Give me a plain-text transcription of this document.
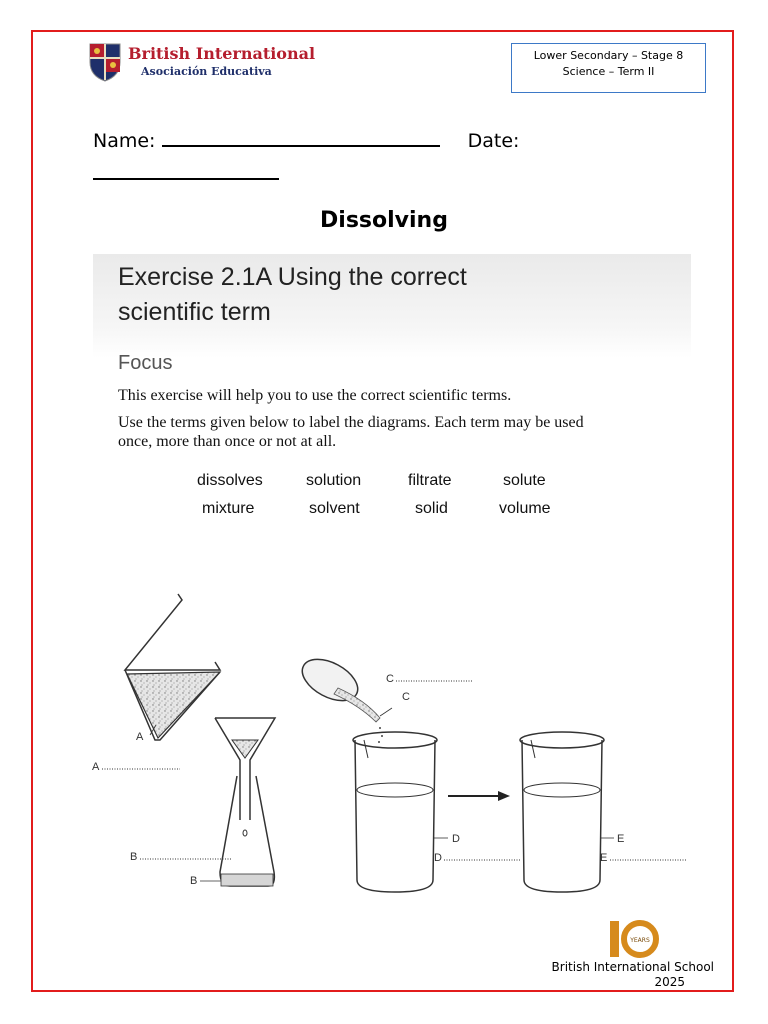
British International
Asociación Educativa
Lower Secondary – Stage 8
Science – Term II
Name:	Date:
Dissolving
Exercise 2.1A Using the correct
scientific term
Focus
This exercise will help you to use the correct scientific terms.
Use the terms given below to label the diagrams. Each term may be used
once, more than once or not at all.
dissolves	solution	filtrate	solute
mixture	solvent	solid	volume
A
A
B
B
C
C
D
D
E
E
YEARS
British International School
2025
